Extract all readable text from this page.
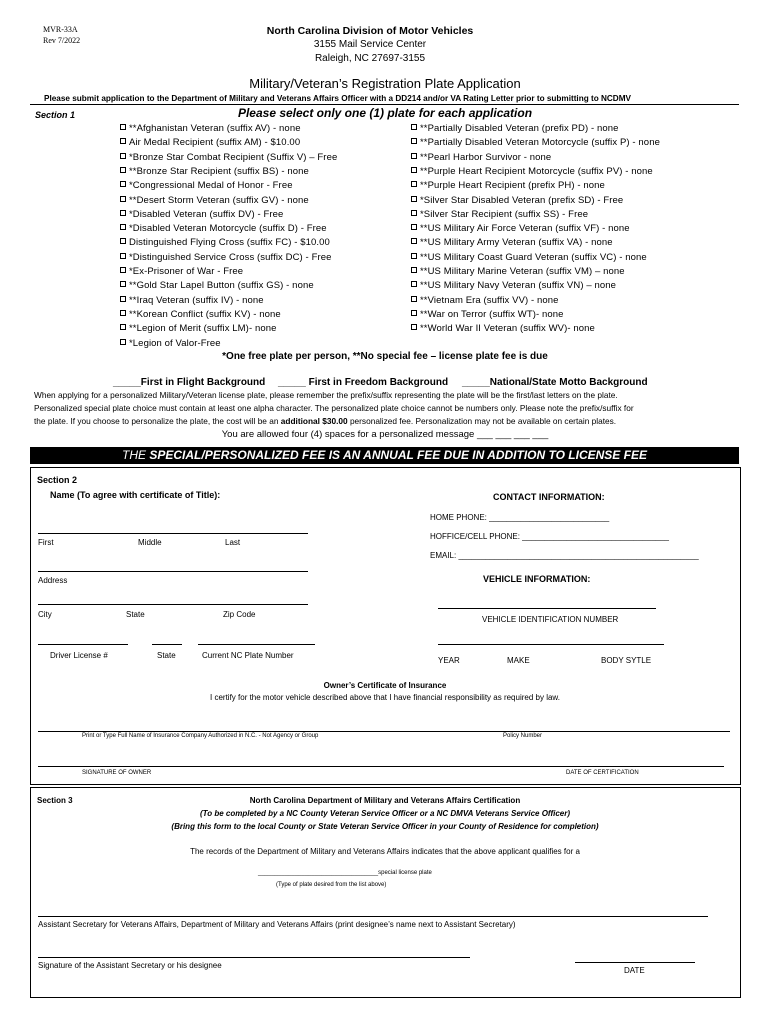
MVR-33A
Rev 7/2022
North Carolina Division of Motor Vehicles
3155 Mail Service Center
Raleigh, NC 27697-3155
Military/Veteran’s Registration Plate Application
Please submit application to the Department of Military and Veterans Affairs Officer with a DD214 and/or VA Rating Letter prior to submitting to NCDMV
Section 1	Please select only one (1) plate for each application
**Afghanistan Veteran (suffix AV) - none
Air Medal Recipient (suffix AM) - $10.00
*Bronze Star Combat Recipient (Suffix V) – Free
**Bronze Star Recipient (suffix BS) - none
*Congressional Medal of Honor - Free
**Desert Storm Veteran (suffix GV) - none
*Disabled Veteran (suffix DV) - Free
*Disabled Veteran Motorcycle (suffix D) - Free
Distinguished Flying Cross (suffix FC) - $10.00
*Distinguished Service Cross (suffix DC) - Free
*Ex-Prisoner of War - Free
**Gold Star Lapel Button (suffix GS) - none
**Iraq Veteran (suffix IV) - none
**Korean Conflict (suffix KV) - none
**Legion of Merit (suffix LM)- none
*Legion of Valor-Free
**Partially Disabled Veteran (prefix PD) - none
**Partially Disabled Veteran Motorcycle (suffix P) - none
**Pearl Harbor Survivor - none
**Purple Heart Recipient Motorcycle (suffix PV) - none
**Purple Heart Recipient (prefix PH) - none
*Silver Star Disabled Veteran (prefix SD) - Free
*Silver Star Recipient (suffix SS) - Free
**US Military Air Force Veteran (suffix VF) - none
**US Military Army Veteran (suffix VA) - none
**US Military Coast Guard Veteran (suffix VC) - none
**US Military Marine Veteran (suffix VM) – none
**US Military Navy Veteran (suffix VN) – none
**Vietnam Era (suffix VV) - none
**War on Terror (suffix WT)- none
**World War II Veteran (suffix WV)- none
*One free plate per person, **No special fee – license plate fee is due
_____First in Flight Background _____ First in Freedom Background _____National/State Motto Background
When applying for a personalized Military/Veteran license plate, please remember the prefix/suffix representing the plate will be the first/last letters on the plate.
Personalized special plate choice must contain at least one alpha character. The personalized plate choice cannot be numbers only. Please note the prefix/suffix for
the plate. If you choose to personalize the plate, the cost will be an additional $30.00 personalized fee. Personalization may not be available on certain plates.
You are allowed four (4) spaces for a personalized message ___ ___ ___ ___
THE SPECIAL/PERSONALIZED FEE IS AN ANNUAL FEE DUE IN ADDITION TO LICENSE FEE
Section 2
Name (To agree with certificate of Title):	CONTACT INFORMATION:
HOME PHONE: ___________________________
HOFFICE/CELL PHONE: _________________________________
First	Middle	Last
EMAIL: ______________________________________________________
Address	VEHICLE INFORMATION:
City	State	Zip Code
VEHICLE IDENTIFICATION NUMBER
Driver License #	State	Current NC Plate Number
YEAR	MAKE	BODY SYTLE
Owner’s Certificate of Insurance
I certify for the motor vehicle described above that I have financial responsibility as required by law.
Print or Type Full Name of Insurance Company Authorized in N.C. - Not Agency or Group	Policy Number
SIGNATURE OF OWNER	DATE OF CERTIFICATION
Section 3	North Carolina Department of Military and Veterans Affairs Certification
(To be completed by a NC County Veteran Service Officer or a NC DMVA Veterans Service Officer)
(Bring this form to the local County or State Veteran Service Officer in your County of Residence for completion)
The records of the Department of Military and Veterans Affairs indicates that the above applicant qualifies for a
____________________________________special license plate
(Type of plate desired from the list above)
Assistant Secretary for Veterans Affairs, Department of Military and Veterans Affairs (print designee’s name next to Assistant Secretary)
Signature of the Assistant Secretary or his designee
DATE
